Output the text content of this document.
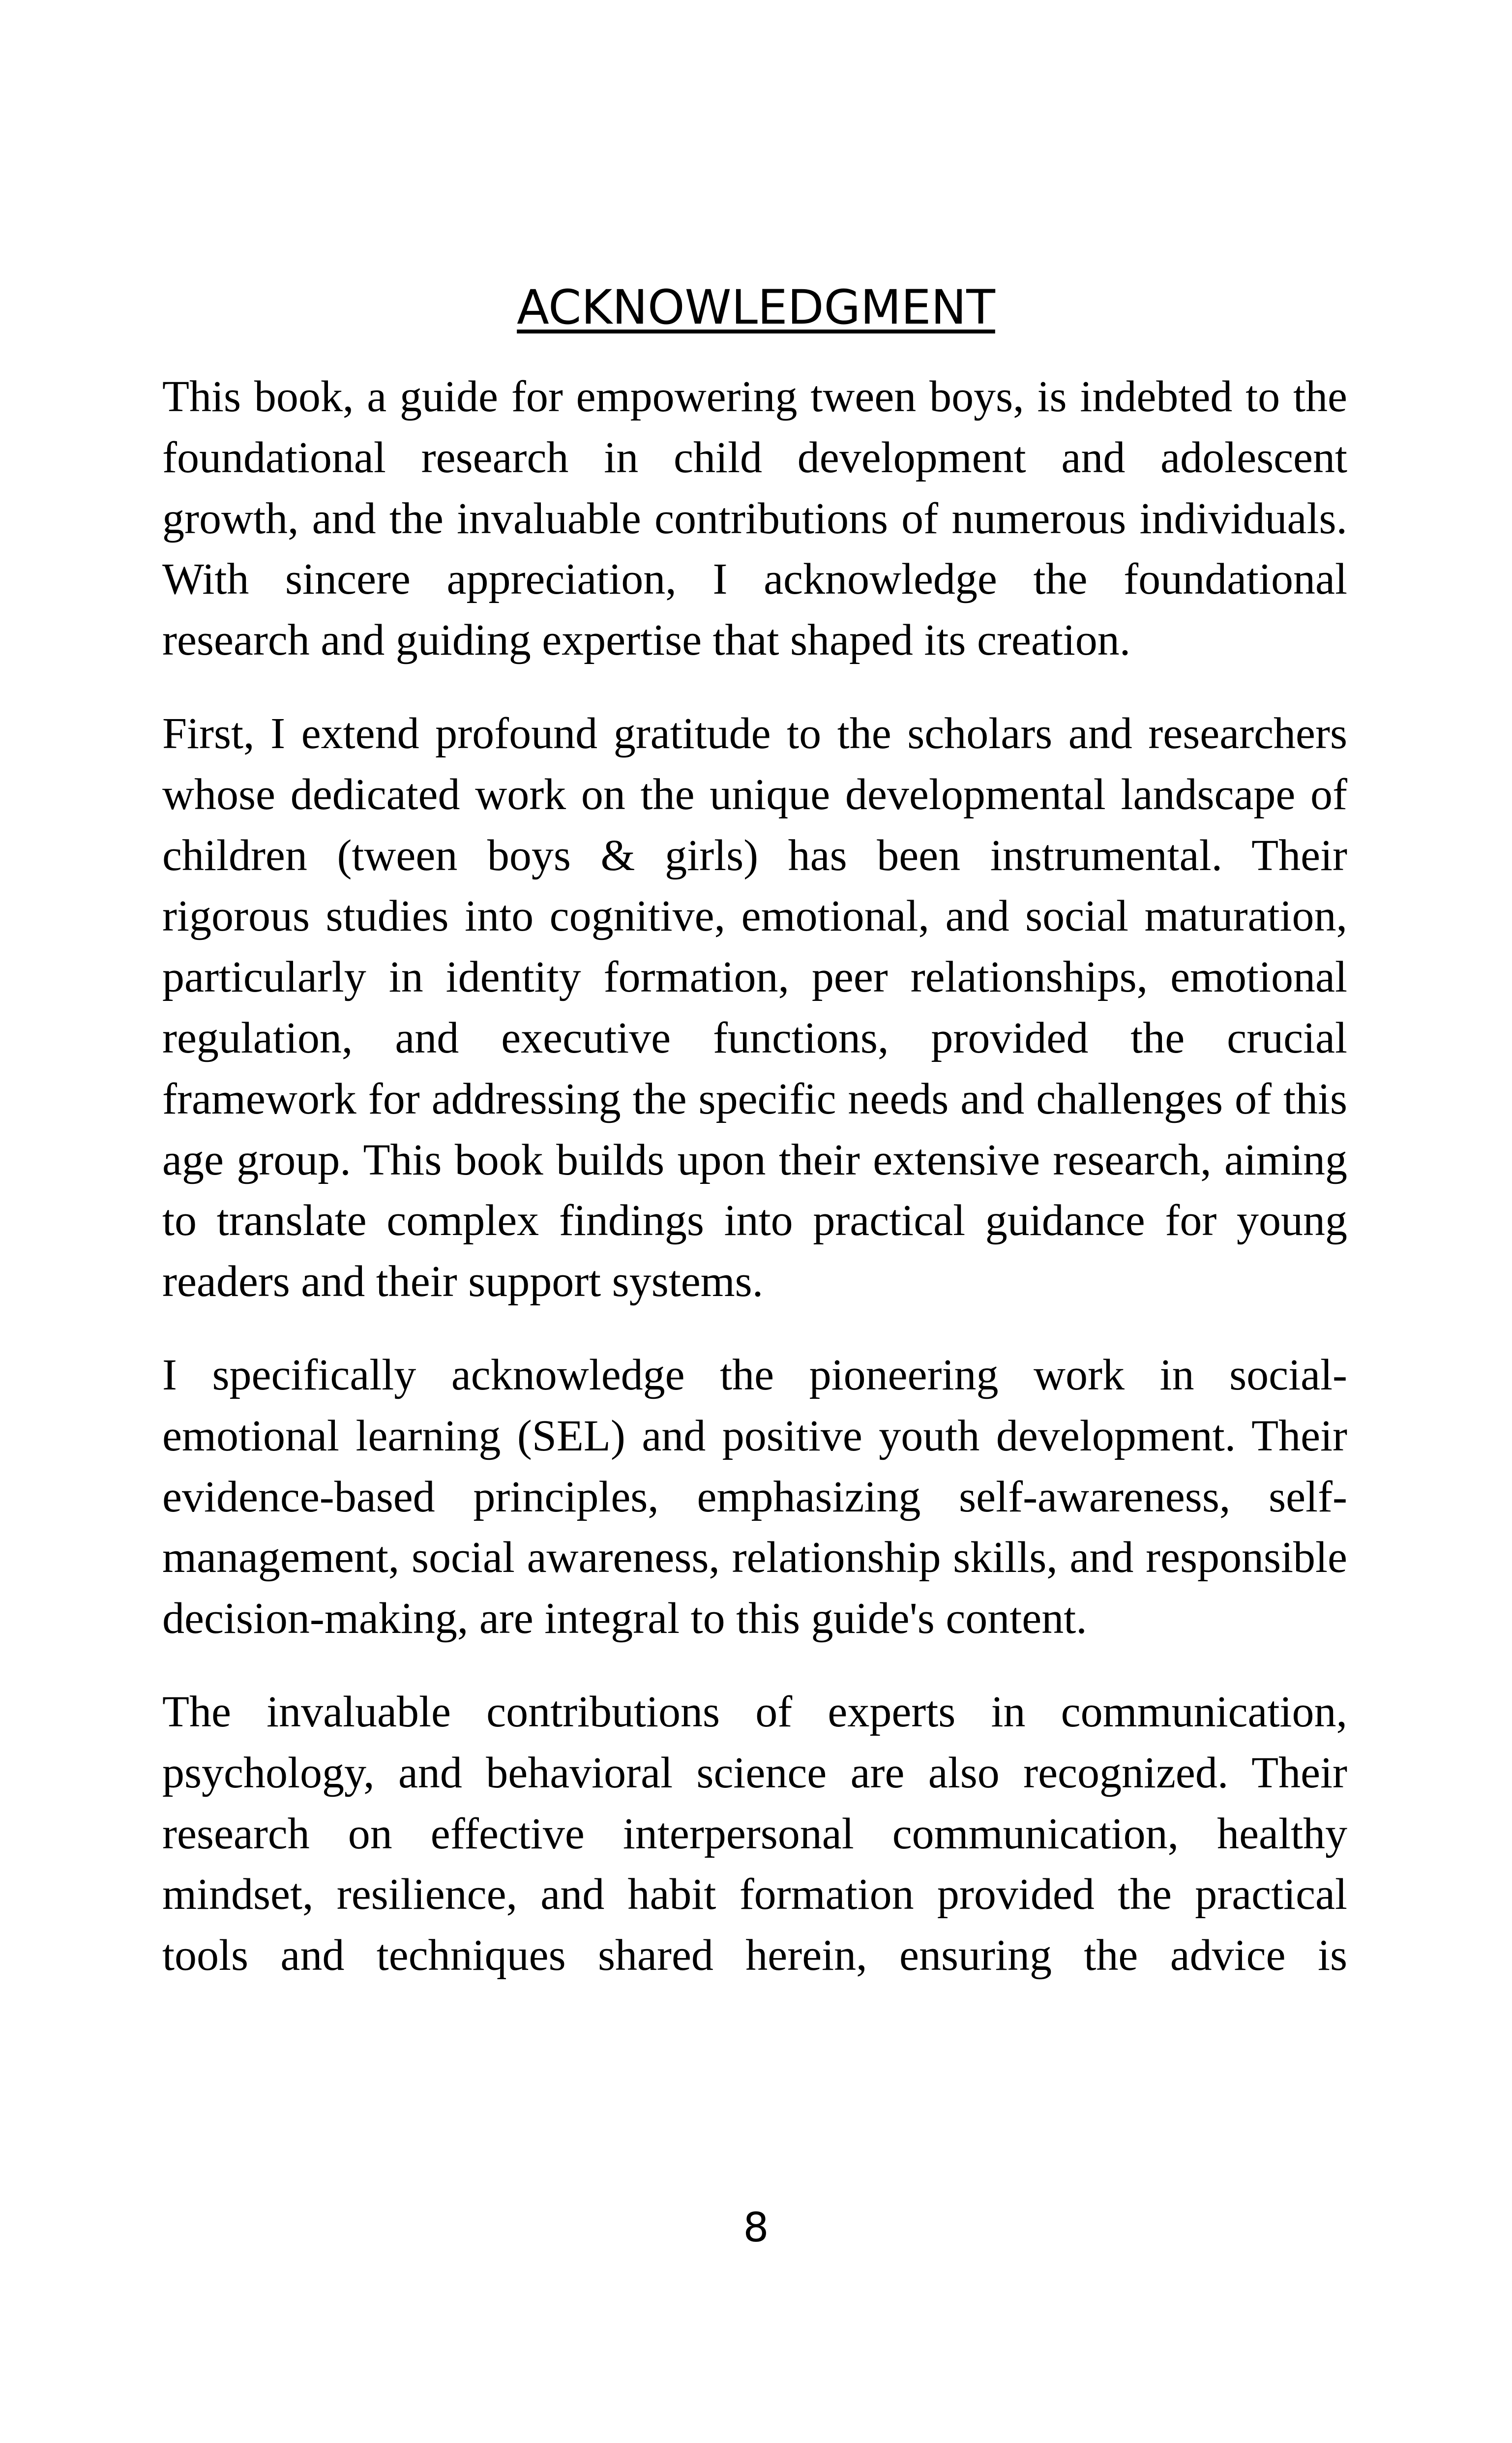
ACKNOWLEDGMENT

This book, a guide for empowering tween boys, is indebted to the foundational research in child development and adolescent growth, and the invaluable contributions of numerous individuals. With sincere appreciation, I acknowledge the foundational research and guiding expertise that shaped its creation.

First, I extend profound gratitude to the scholars and researchers whose dedicated work on the unique developmental landscape of children (tween boys & girls) has been instrumental. Their rigorous studies into cognitive, emotional, and social maturation, particularly in identity formation, peer relationships, emotional regulation, and executive functions, provided the crucial framework for addressing the specific needs and challenges of this age group. This book builds upon their extensive research, aiming to translate complex findings into practical guidance for young readers and their support systems.

I specifically acknowledge the pioneering work in social-emotional learning (SEL) and positive youth development. Their evidence-based principles, emphasizing self-awareness, self-management, social awareness, relationship skills, and responsible decision-making, are integral to this guide's content.

The invaluable contributions of experts in communication, psychology, and behavioral science are also recognized. Their research on effective interpersonal communication, healthy mindset, resilience, and habit formation provided the practical tools and techniques shared herein, ensuring the advice is

8
